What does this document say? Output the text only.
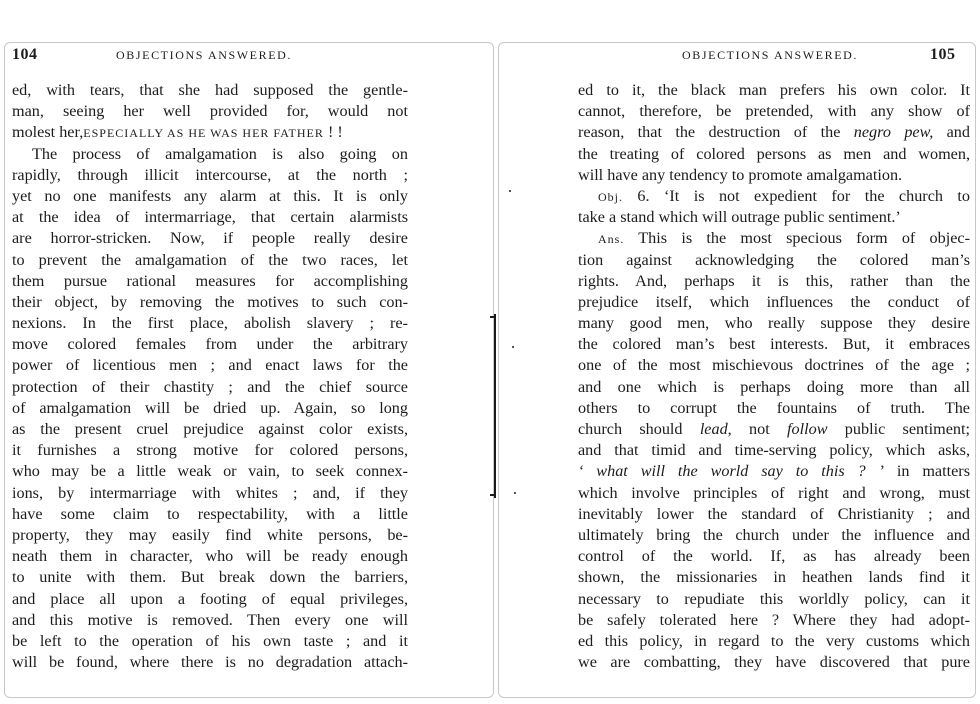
104	OBJECTIONS ANSWERED.	OBJECTIONS ANSWERED.	105
ed, with tears, that she had supposed the gentle-
man, seeing her well provided for, would not
molest her,ESPECIALLY AS HE WAS HER FATHER ! !
The process of amalgamation is also going on
rapidly, through illicit intercourse, at the north ;
yet no one manifests any alarm at this. It is only
at the idea of intermarriage, that certain alarmists
are horror-stricken. Now, if people really desire
to prevent the amalgamation of the two races, let
them pursue rational measures for accomplishing
their object, by removing the motives to such con-
nexions. In the first place, abolish slavery ; re-
move colored females from under the arbitrary
power of licentious men ; and enact laws for the
protection of their chastity ; and the chief source
of amalgamation will be dried up. Again, so long
as the present cruel prejudice against color exists,
it furnishes a strong motive for colored persons,
who may be a little weak or vain, to seek connex-
ions, by intermarriage with whites ; and, if they
have some claim to respectability, with a little
property, they may easily find white persons, be-
neath them in character, who will be ready enough
to unite with them. But break down the barriers,
and place all upon a footing of equal privileges,
and this motive is removed. Then every one will
be left to the operation of his own taste ; and it
will be found, where there is no degradation attach-
ed to it, the black man prefers his own color. It
cannot, therefore, be pretended, with any show of
reason, that the destruction of the negro pew, and
the treating of colored persons as men and women,
will have any tendency to promote amalgamation.
Obj. 6. ‘It is not expedient for the church to
take a stand which will outrage public sentiment.’
Ans. This is the most specious form of objec-
tion against acknowledging the colored man’s
rights. And, perhaps it is this, rather than the
prejudice itself, which influences the conduct of
many good men, who really suppose they desire
the colored man’s best interests. But, it embraces
one of the most mischievous doctrines of the age ;
and one which is perhaps doing more than all
others to corrupt the fountains of truth. The
church should lead, not follow public sentiment;
and that timid and time-serving policy, which asks,
‘ what will the world say to this ? ’ in matters
which involve principles of right and wrong, must
inevitably lower the standard of Christianity ; and
ultimately bring the church under the influence and
control of the world. If, as has already been
shown, the missionaries in heathen lands find it
necessary to repudiate this worldly policy, can it
be safely tolerated here ? Where they had adopt-
ed this policy, in regard to the very customs which
we are combatting, they have discovered that pure
